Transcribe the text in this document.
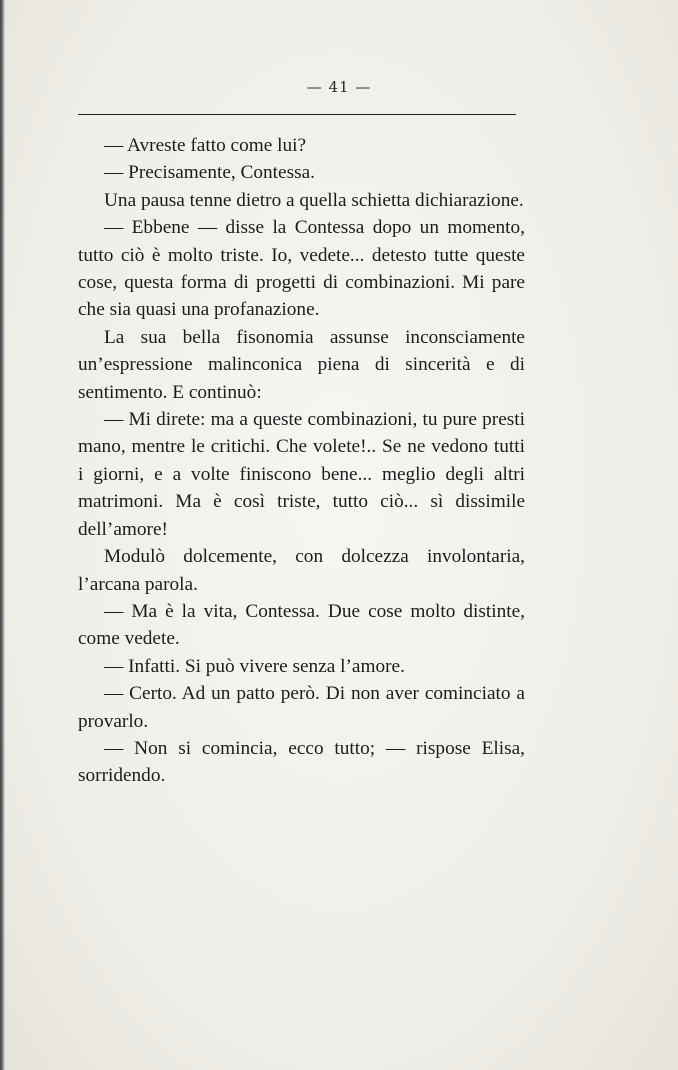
— 41 —

— Avreste fatto come lui?

— Precisamente, Contessa.

Una pausa tenne dietro a quella schietta dichiarazione.

— Ebbene — disse la Contessa dopo un momento, tutto ciò è molto triste. Io, vedete... detesto tutte queste cose, questa forma di progetti di combinazioni. Mi pare che sia quasi una profanazione.

La sua bella fisonomia assunse inconsciamente un’espressione malinconica piena di sincerità e di sentimento. E continuò:

— Mi direte: ma a queste combinazioni, tu pure presti mano, mentre le critichi. Che volete!.. Se ne vedono tutti i giorni, e a volte finiscono bene... meglio degli altri matrimoni. Ma è così triste, tutto ciò... sì dissimile dell’amore!

Modulò dolcemente, con dolcezza involontaria, l’arcana parola.

— Ma è la vita, Contessa. Due cose molto distinte, come vedete.

— Infatti. Si può vivere senza l’amore.

— Certo. Ad un patto però. Di non aver cominciato a provarlo.

— Non si comincia, ecco tutto; — rispose Elisa, sorridendo.
